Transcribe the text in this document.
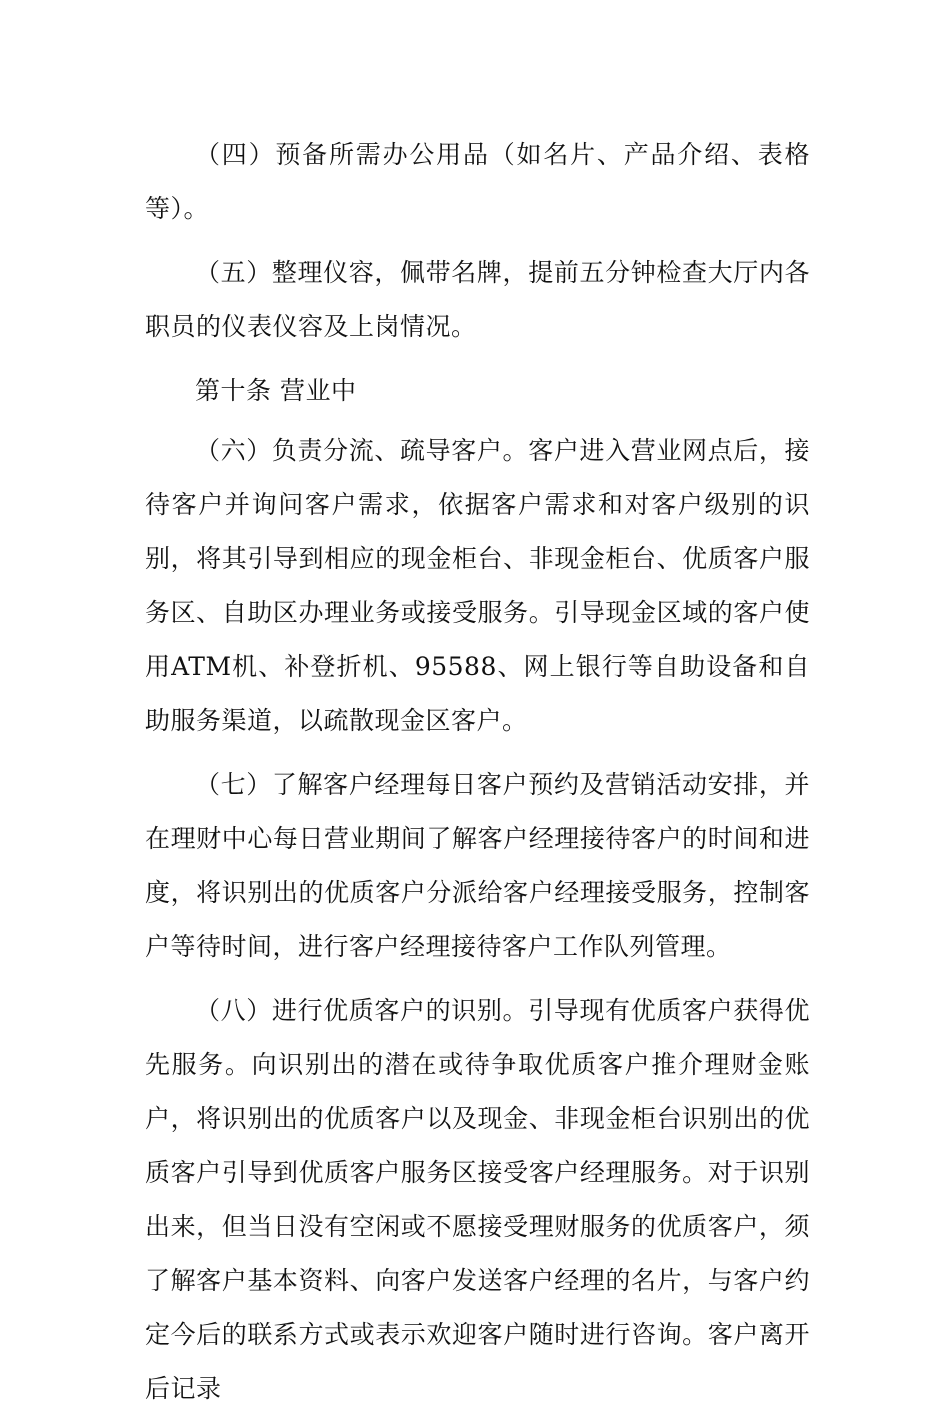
（四）预备所需办公用品（如名片、产品介绍、表格等）。

（五）整理仪容，佩带名牌，提前五分钟检查大厅内各职员的仪表仪容及上岗情况。

第十条 营业中

（六）负责分流、疏导客户。客户进入营业网点后，接待客户并询问客户需求，依据客户需求和对客户级别的识别，将其引导到相应的现金柜台、非现金柜台、优质客户服务区、自助区办理业务或接受服务。引导现金区域的客户使用ATM机、补登折机、95588、网上银行等自助设备和自助服务渠道，以疏散现金区客户。

（七）了解客户经理每日客户预约及营销活动安排，并在理财中心每日营业期间了解客户经理接待客户的时间和进度，将识别出的优质客户分派给客户经理接受服务，控制客户等待时间，进行客户经理接待客户工作队列管理。

（八）进行优质客户的识别。引导现有优质客户获得优先服务。向识别出的潜在或待争取优质客户推介理财金账户，将识别出的优质客户以及现金、非现金柜台识别出的优质客户引导到优质客户服务区接受客户经理服务。对于识别出来，但当日没有空闲或不愿接受理财服务的优质客户，须了解客户基本资料、向客户发送客户经理的名片，与客户约定今后的联系方式或表示欢迎客户随时进行咨询。客户离开后记录
